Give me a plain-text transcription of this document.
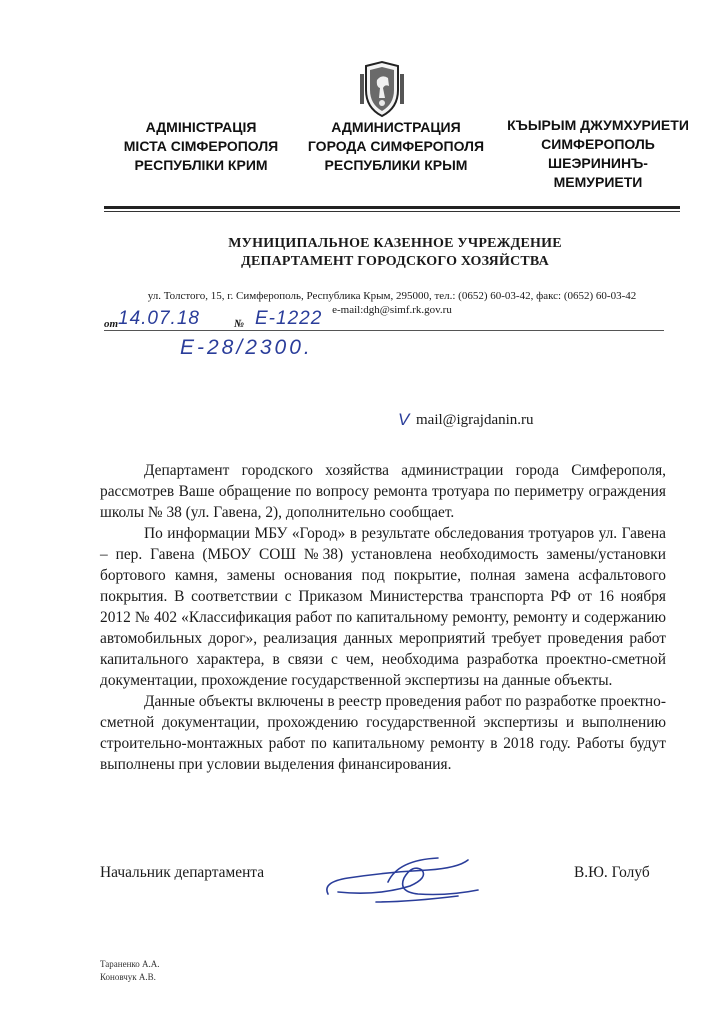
АДМІНІСТРАЦІЯ
МІСТА СІМФЕРОПОЛЯ
РЕСПУБЛІКИ КРИМ
АДМИНИСТРАЦИЯ
ГОРОДА СИМФЕРОПОЛЯ
РЕСПУБЛИКИ КРЫМ
КЪЫРЫМ ДЖУМХУРИЕТИ
СИМФЕРОПОЛЬ
ШЕЭРИНИНЪ-
МЕМУРИЕТИ
МУНИЦИПАЛЬНОЕ КАЗЕННОЕ УЧРЕЖДЕНИЕ
ДЕПАРТАМЕНТ ГОРОДСКОГО ХОЗЯЙСТВА
ул. Толстого, 15, г. Симферополь, Республика Крым, 295000, тел.: (0652) 60-03-42, факс: (0652) 60-03-42
e-mail:dgh@simf.rk.gov.ru
от 14.07.18	№ E-1222
E-28/2300.
V mail@igrajdanin.ru

Департамент городского хозяйства администрации города Симферополя, рассмотрев Ваше обращение по вопросу ремонта тротуара по периметру ограждения школы № 38 (ул. Гавена, 2), дополнительно сообщает.

По информации МБУ «Город» в результате обследования тротуаров ул. Гавена – пер. Гавена (МБОУ СОШ №38) установлена необходимость замены/установки бортового камня, замены основания под покрытие, полная замена асфальтового покрытия. В соответствии с Приказом Министерства транспорта РФ от 16 ноября 2012 № 402 «Классификация работ по капитальному ремонту, ремонту и содержанию автомобильных дорог», реализация данных мероприятий требует проведения работ капитального характера, в связи с чем, необходима разработка проектно-сметной документации, прохождение государственной экспертизы на данные объекты.

Данные объекты включены в реестр проведения работ по разработке проектно-сметной документации, прохождению государственной экспертизы и выполнению строительно-монтажных работ по капитальному ремонту в 2018 году. Работы будут выполнены при условии выделения финансирования.

Начальник департамента	В.Ю. Голуб
Тараненко А.А.
Коновчук А.В.
